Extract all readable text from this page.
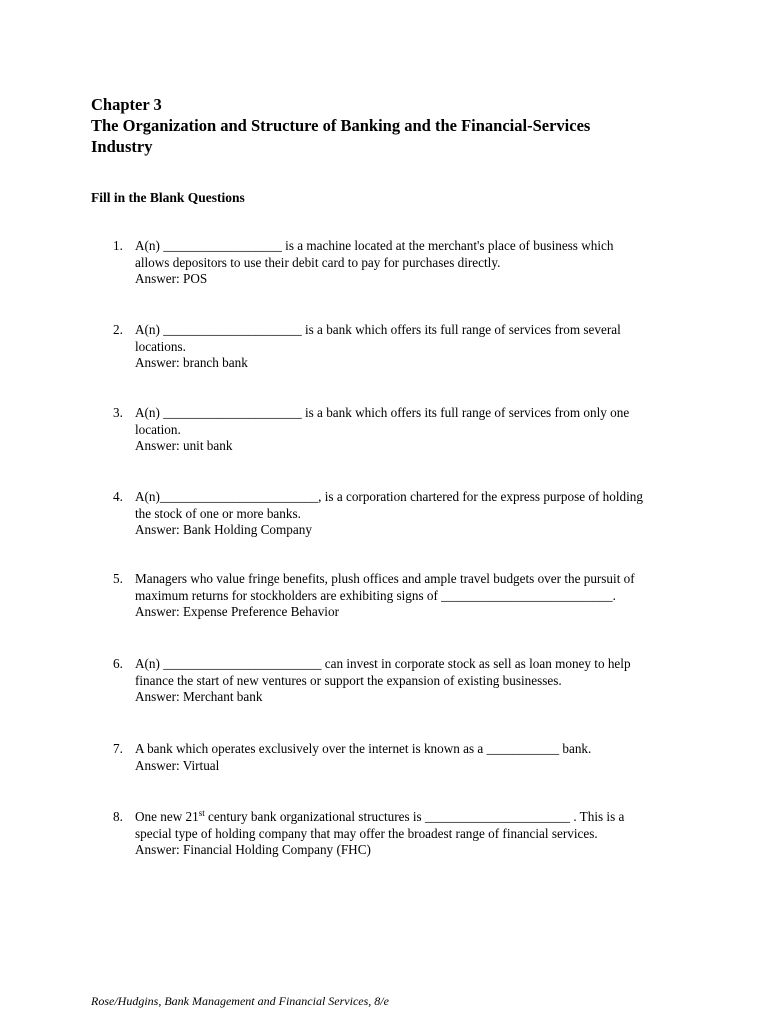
Chapter 3
The Organization and Structure of Banking and the Financial-Services
Industry
Fill in the Blank Questions
1. A(n) __________________ is a machine located at the merchant's place of business which
allows depositors to use their debit card to pay for purchases directly.
Answer: POS
2. A(n) _____________________ is a bank which offers its full range of services from several
locations.
Answer: branch bank
3. A(n) _____________________ is a bank which offers its full range of services from only one
location.
Answer: unit bank
4. A(n)________________________, is a corporation chartered for the express purpose of holding
the stock of one or more banks.
Answer: Bank Holding Company
5. Managers who value fringe benefits, plush offices and ample travel budgets over the pursuit of
maximum returns for stockholders are exhibiting signs of __________________________.
Answer: Expense Preference Behavior
6. A(n) ________________________ can invest in corporate stock as sell as loan money to help
finance the start of new ventures or support the expansion of existing businesses.
Answer: Merchant bank
7. A bank which operates exclusively over the internet is known as a ___________ bank.
Answer: Virtual
8. One new 21st century bank organizational structures is ______________________ . This is a
special type of holding company that may offer the broadest range of financial services.
Answer: Financial Holding Company (FHC)
Rose/Hudgins, Bank Management and Financial Services, 8/e
